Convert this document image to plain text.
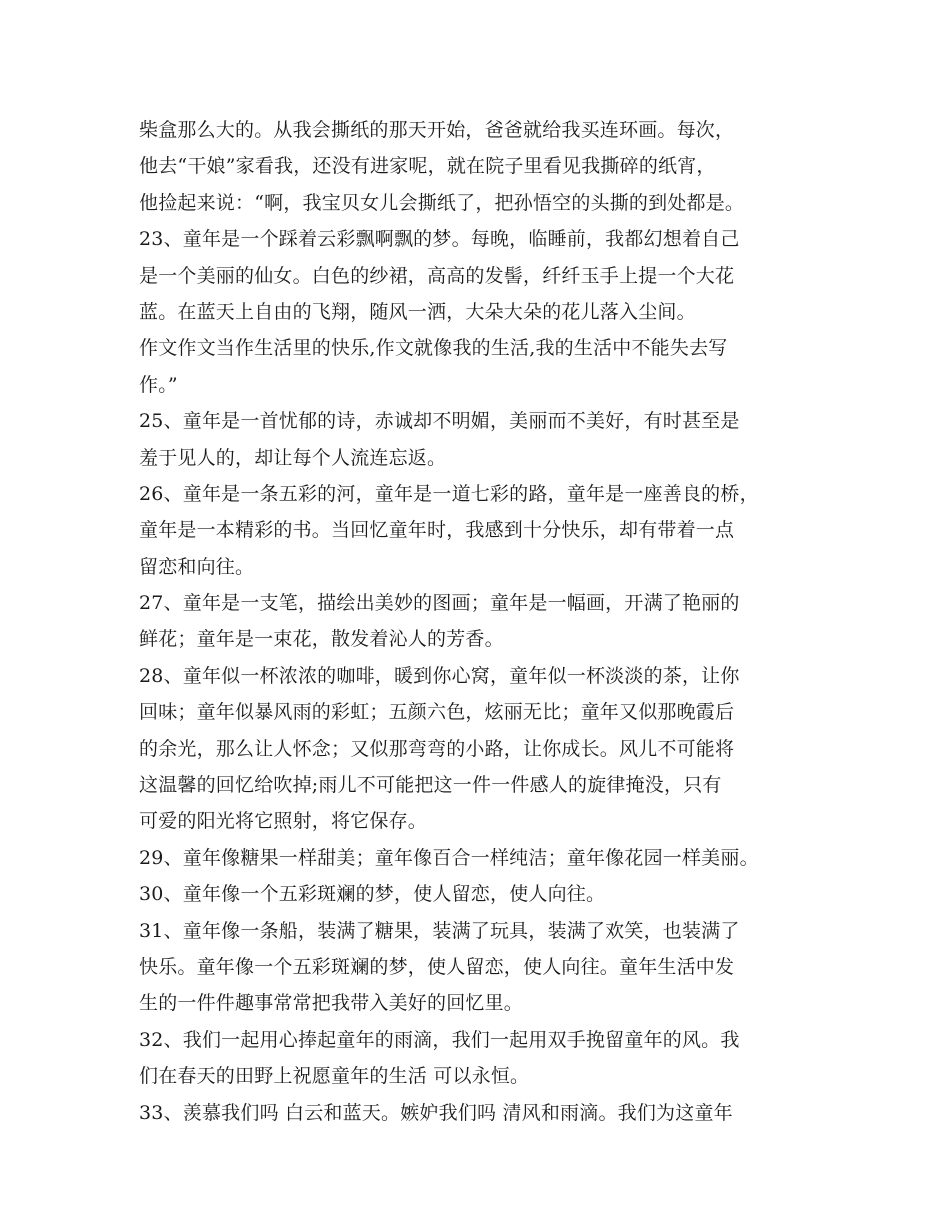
柴盒那么大的。从我会撕纸的那天开始，爸爸就给我买连环画。每次，
他去“干娘”家看我，还没有进家呢，就在院子里看见我撕碎的纸宵，
他捡起来说：“啊，我宝贝女儿会撕纸了，把孙悟空的头撕的到处都是。
23、童年是一个踩着云彩飘啊飘的梦。每晚，临睡前，我都幻想着自己
是一个美丽的仙女。白色的纱裙，高高的发髻，纤纤玉手上提一个大花
蓝。在蓝天上自由的飞翔，随风一洒，大朵大朵的花儿落入尘间。
作文作文当作生活里的快乐,作文就像我的生活,我的生活中不能失去写
作。”
25、童年是一首忧郁的诗，赤诚却不明媚，美丽而不美好，有时甚至是
羞于见人的，却让每个人流连忘返。
26、童年是一条五彩的河，童年是一道七彩的路，童年是一座善良的桥，
童年是一本精彩的书。当回忆童年时，我感到十分快乐，却有带着一点
留恋和向往。
27、童年是一支笔，描绘出美妙的图画；童年是一幅画，开满了艳丽的
鲜花；童年是一束花，散发着沁人的芳香。
28、童年似一杯浓浓的咖啡，暖到你心窝，童年似一杯淡淡的茶，让你
回味；童年似暴风雨的彩虹；五颜六色，炫丽无比；童年又似那晚霞后
的余光，那么让人怀念；又似那弯弯的小路，让你成长。风儿不可能将
这温馨的回忆给吹掉;雨儿不可能把这一件一件感人的旋律掩没，只有
可爱的阳光将它照射，将它保存。
29、童年像糖果一样甜美；童年像百合一样纯洁；童年像花园一样美丽。
30、童年像一个五彩斑斓的梦，使人留恋，使人向往。
31、童年像一条船，装满了糖果，装满了玩具，装满了欢笑，也装满了
快乐。童年像一个五彩斑斓的梦，使人留恋，使人向往。童年生活中发
生的一件件趣事常常把我带入美好的回忆里。
32、我们一起用心捧起童年的雨滴，我们一起用双手挽留童年的风。我
们在春天的田野上祝愿童年的生活 可以永恒。
33、羡慕我们吗 白云和蓝天。嫉妒我们吗 清风和雨滴。我们为这童年
